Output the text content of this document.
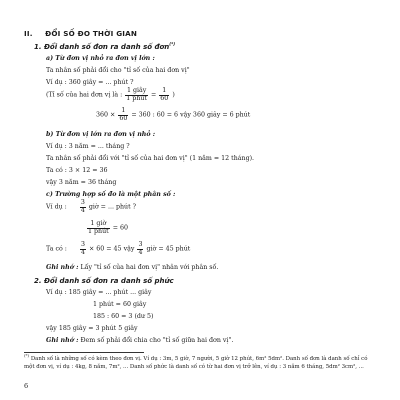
II. ĐỔI SỐ ĐO THỜI GIAN
1. Đổi danh số đơn ra danh số đơn(*)
a) Từ đơn vị nhỏ ra đơn vị lớn :
Ta nhân số phải đổi cho "tỉ số của hai đơn vị"
Ví dụ : 360 giây = ... phút ?
(Tỉ số của hai đơn vị là : $\frac{\text{1 giây}}{\text{1 phút}} = \frac{1}{60}$ )
$360 \times \frac{1}{60} = 360$ : 60 = 6 vậy 360 giây = 6 phút
b) Từ đơn vị lớn ra đơn vị nhỏ :
Ví dụ : 3 năm = ... tháng ?
Ta nhân số phải đổi với "tỉ số của hai đơn vị" (1 năm = 12 tháng).
Ta có : 3 × 12 = 36
vậy 3 năm = 36 tháng
c) Trường hợp số đo là một phân số :
Ví dụ : $\frac{3}{4}$ giờ = ... phút ?
$\frac{\text{1 giờ}}{\text{1 phút}} = 60$
Ta có : $\frac{3}{4} \times 60 = 45$ vậy $\frac{3}{4}$ giờ = 45 phút
Ghi nhớ : Lấy "tỉ số của hai đơn vị" nhân với phân số.
2. Đổi danh số đơn ra danh số phức
Ví dụ : 185 giây = ... phút ... giây
1 phút = 60 giây
185 : 60 = 3 (dư 5)
vậy 185 giây = 3 phút 5 giây
Ghi nhớ : Đem số phải đổi chia cho "tỉ số giữa hai đơn vị".
(*) Danh số là những số có kèm theo đơn vị. Ví dụ : 3m, 5 giờ, 7 người, 5 giờ 12 phút, 6m² 5dm². Danh số đơn là danh số chỉ có một đơn vị, ví dụ : 4kg, 8 năm, 7m², ... Danh số phức là danh số có từ hai đơn vị trở lên, ví dụ : 3 năm 6 tháng, 5dm² 3cm², ...
6
